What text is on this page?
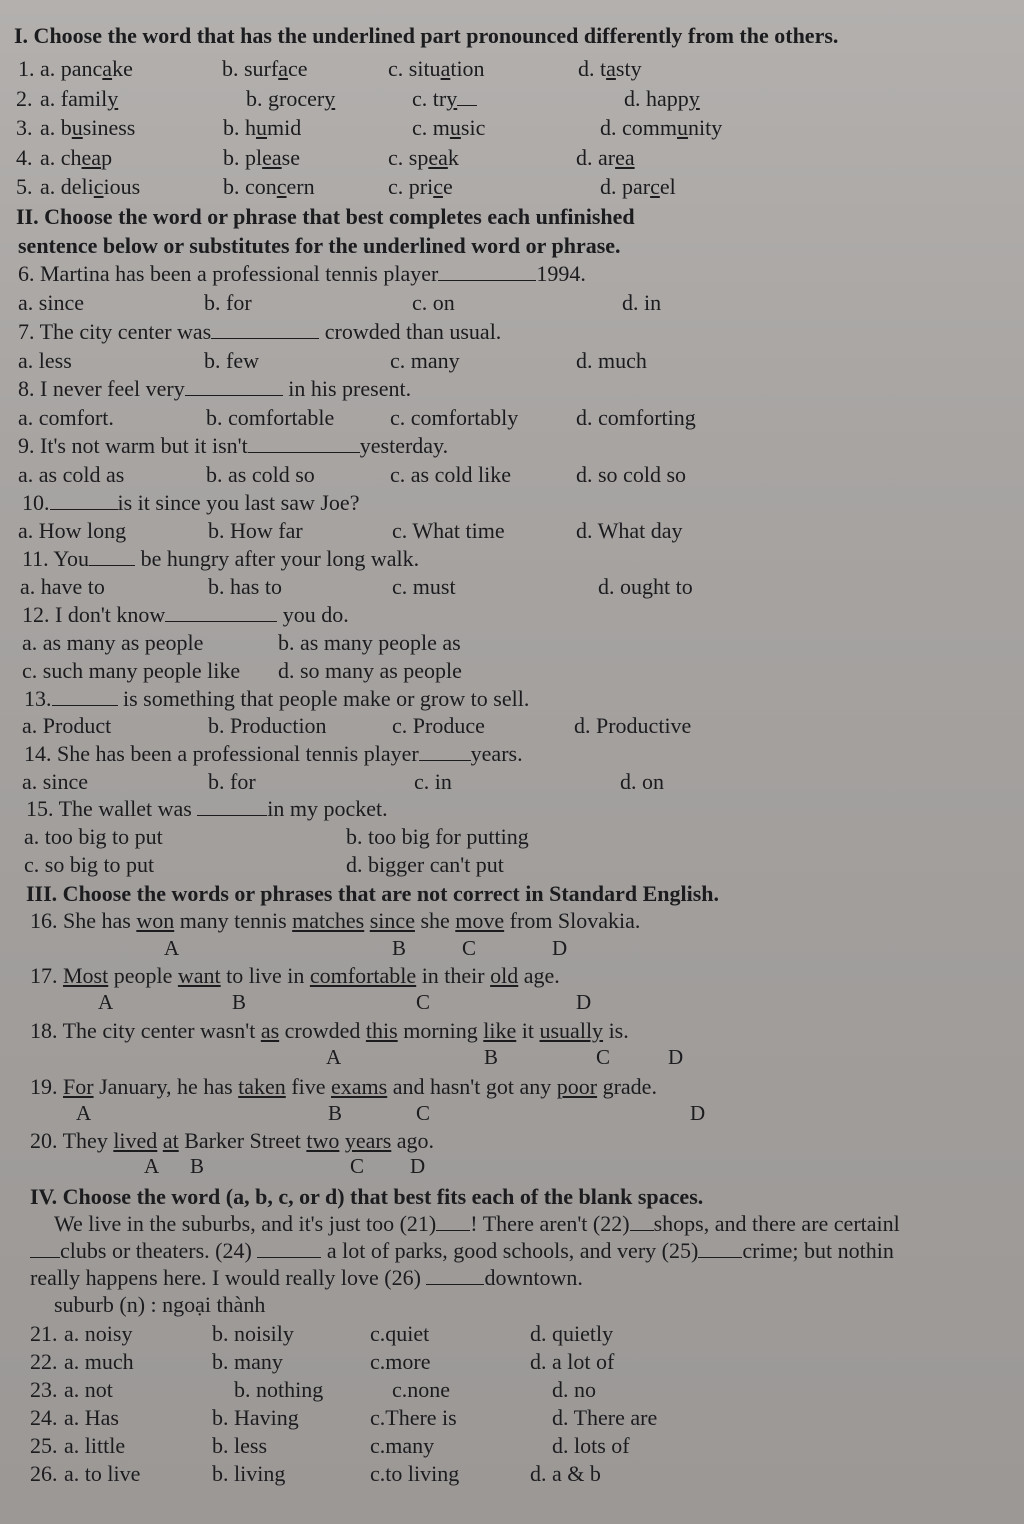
I. Choose the word that has the underlined part pronounced differently from the others.
1. a. pancake	b. surface	c. situation	d. tasty
2. a. family	b. grocery	c. try	d. happy
3. a. business	b. humid	c. music	d. community
4. a. cheap	b. please	c. speak	d. area
5. a. delicious	b. concern	c. price	d. parcel
II. Choose the word or phrase that best completes each unfinished
sentence below or substitutes for the underlined word or phrase.
6. Martina has been a professional tennis player	1994.
a. since	b. for	c. on	d. in
7. The city center was	crowded than usual.
a. less	b. few	c. many	d. much
8. I never feel very	in his present.
a. comfort.	b. comfortable	c. comfortably	d. comforting
9. It's not warm but it isn't	yesterday.
a. as cold as	b. as cold so	c. as cold like	d. so cold so
10.	is it since you last saw Joe?
a. How long	b. How far	c. What time	d. What day
11. You be hungry after your long walk.
a. have to	b. has to	c. must	d. ought to
12. I don't know	you do.
a. as many as people	b. as many people as
c. such many people like d. so many as people
13.	is something that people make or grow to sell.
a. Product	b. Production	c. Produce	d. Productive
14. She has been a professional tennis player years.
a. since	b. for	c. in	d. on
15. The wallet was	in my pocket.
a. too big to put	b. too big for putting
c. so big to put	d. bigger can't put
III. Choose the words or phrases that are not correct in Standard English.
16. She has won many tennis matches since she move from Slovakia.
A	B	C	D
17. Most people want to live in comfortable in their old age.
A	B	C	D
18. The city center wasn't as crowded this morning like it usually is.
A	B	C	D
19. For January, he has taken five exams and hasn't got any poor grade.
A	B	C	D
20. They lived at Barker Street two years ago.
A B	C D
IV. Choose the word (a, b, c, or d) that best fits each of the blank spaces.
We live in the suburbs, and it's just too (21) ! There aren't (22) shops, and there are certainl
clubs or theaters. (24)	a lot of parks, good schools, and very (25) crime; but nothin
really happens here. I would really love (26)	downtown.
suburb (n) : ngoại thành
21. a. noisy	b. noisily	c.quiet	d. quietly
22. a. much	b. many	c.more	d. a lot of
23. a. not	b. nothing	c.none	d. no
24. a. Has	b. Having	c.There is	d. There are
25. a. little	b. less	c.many	d. lots of
26. a. to live	b. living	c.to living	d. a & b
